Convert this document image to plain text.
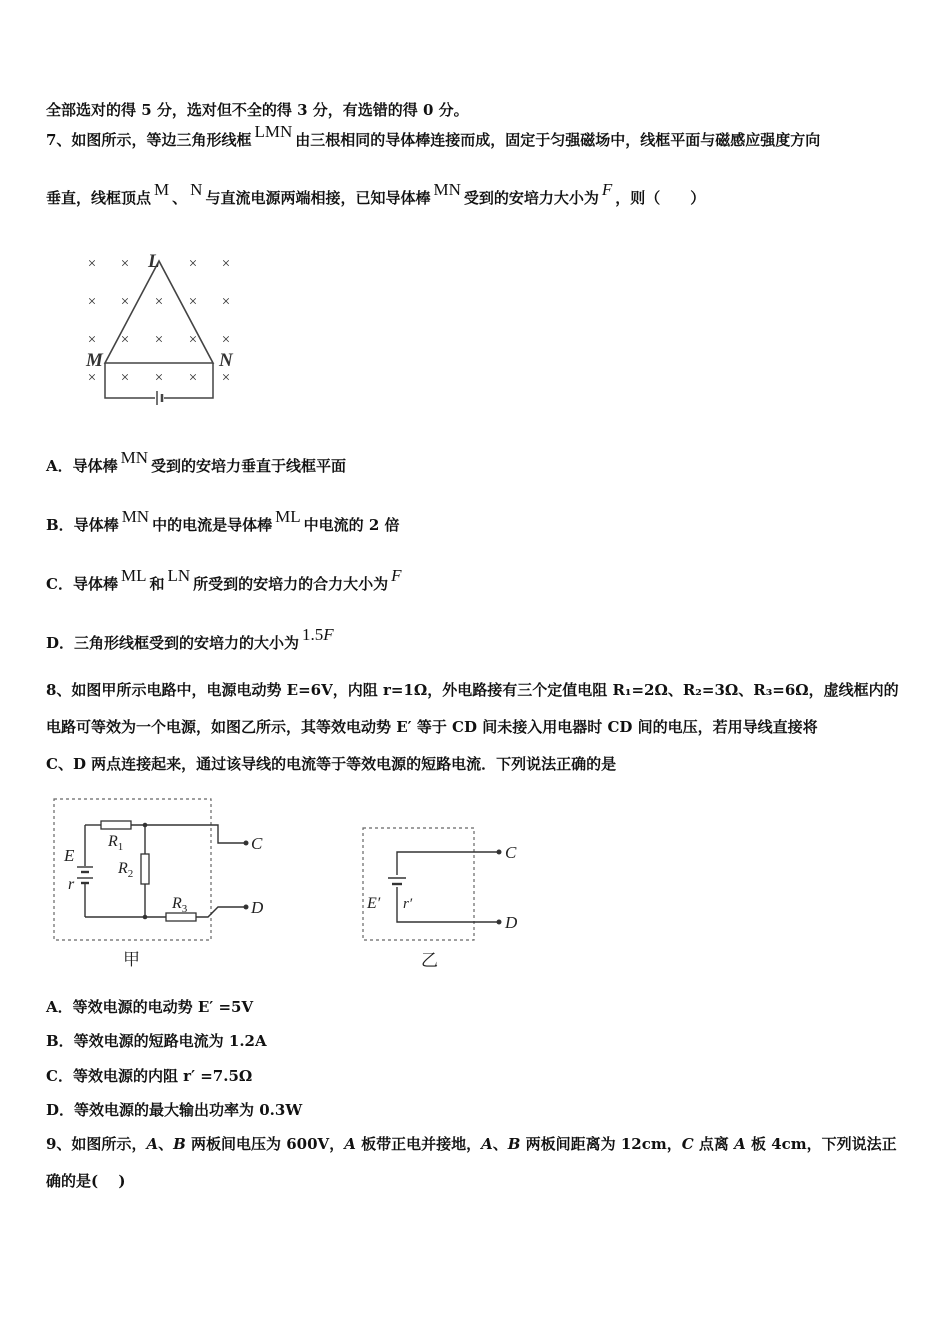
全部选对的得 5 分，选对但不全的得 3 分，有选错的得 0 分。
7、如图所示，等边三角形线框 LMN 由三根相同的导体棒连接而成，固定于匀强磁场中，线框平面与磁感应强度方向
垂直，线框顶点 M 、 N 与直流电源两端相接，已知导体棒 MN 受到的安培力大小为 F ，则（　　）
× ×	× ×
× × × × ×
× × × × ×
× × × × ×
L
M	N
A．导体棒 MN 受到的安培力垂直于线框平面
B．导体棒 MN 中的电流是导体棒 ML 中电流的 2 倍
C．导体棒 ML 和 LN 所受到的安培力的合力大小为 F
D．三角形线框受到的安培力的大小为 1.5F
8、如图甲所示电路中，电源电动势 E=6V，内阻 r=1Ω，外电路接有三个定值电阻 R₁=2Ω、R₂=3Ω、R₃=6Ω，虚线框内的
电路可等效为一个电源，如图乙所示，其等效电动势 E′ 等于 CD 间未接入用电器时 CD 间的电压，若用导线直接将
C、D 两点连接起来，通过该导线的电流等于等效电源的短路电流．下列说法正确的是
E
r
$R_1$
$R_2$
$R_3$
C
D
甲
E′ r′
C
D
乙
A．等效电源的电动势 E′ =5V
B．等效电源的短路电流为 1.2A
C．等效电源的内阻 r′ =7.5Ω
D．等效电源的最大输出功率为 0.3W
9、如图所示，A、B 两板间电压为 600V，A 板带正电并接地，A、B 两板间距离为 12cm，C 点离 A 板 4cm，下列说法正
确的是(　 )
